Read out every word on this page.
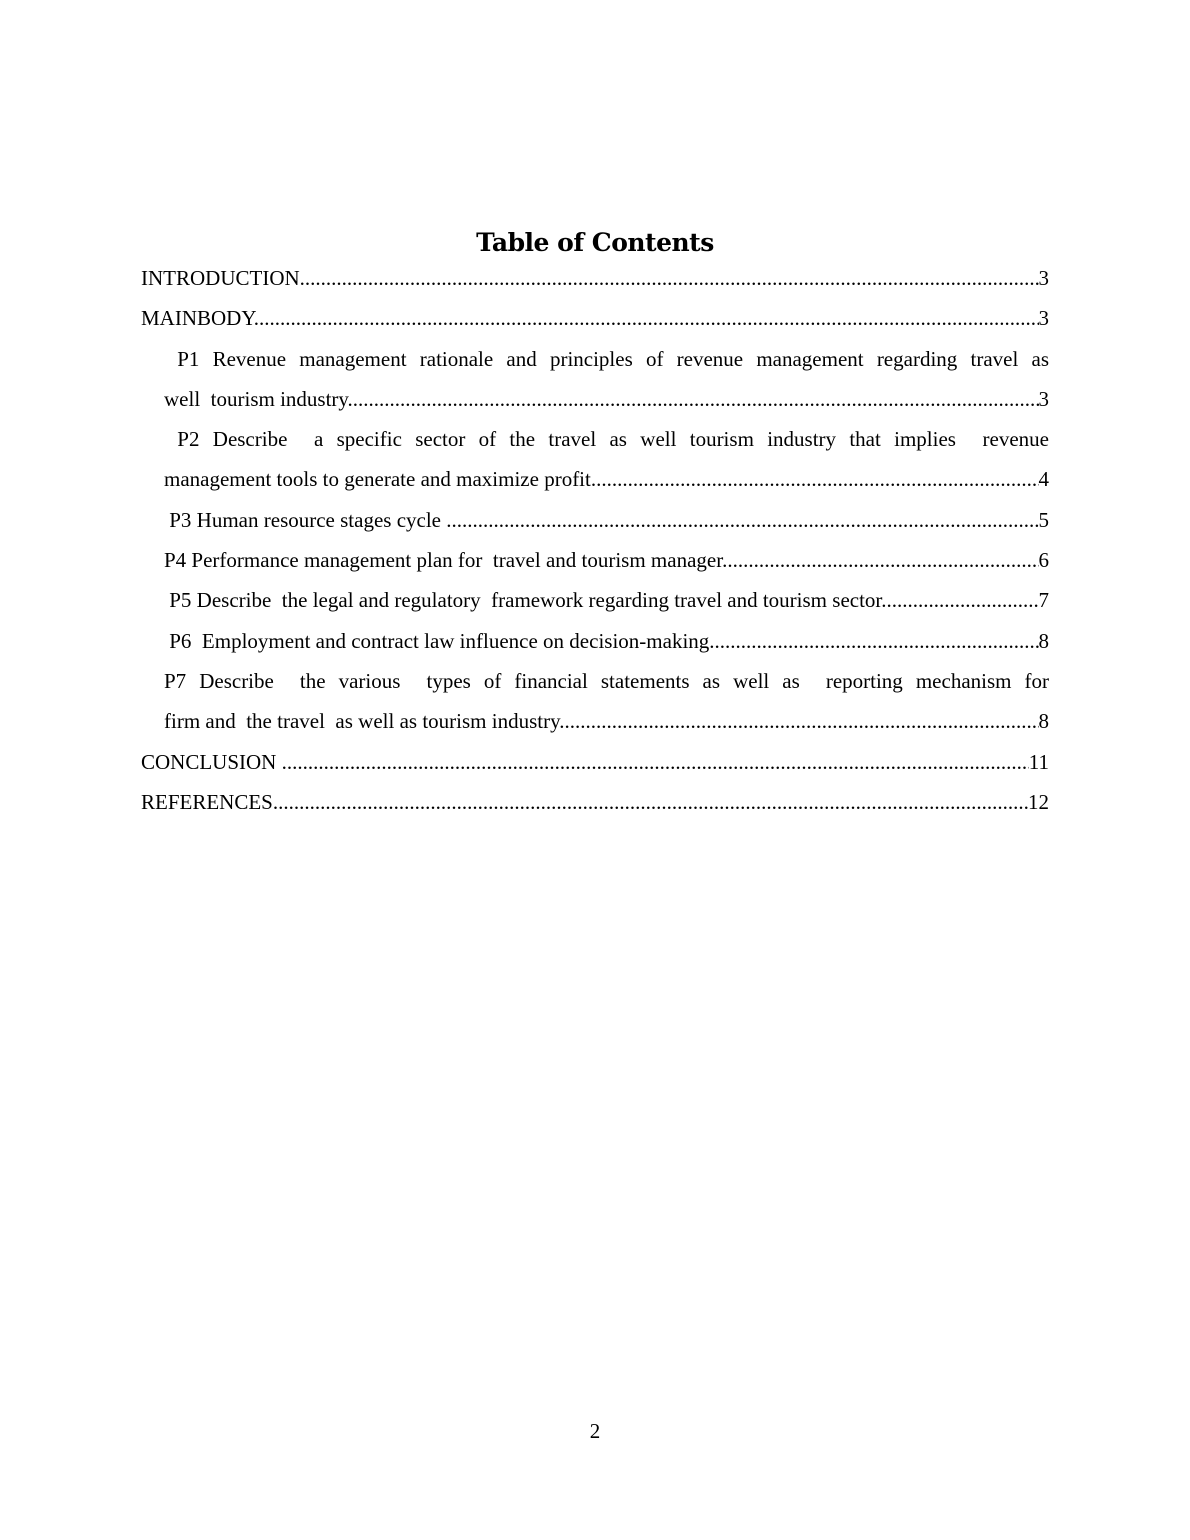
Table of Contents
INTRODUCTION .....	3
MAINBODY .....	3
P1 Revenue management rationale and principles of revenue management regarding travel as
well  tourism industry .....	3
P2 Describe  a specific sector of the travel as well tourism industry that implies  revenue
management tools to generate and maximize profit .....	4
P3 Human resource stages cycle .....	5
P4 Performance management plan for  travel and tourism manager .....	6
P5 Describe  the legal and regulatory  framework regarding travel and tourism sector .....	7
P6  Employment and contract law influence on decision-making .....	8
P7 Describe  the various  types of financial statements as well as  reporting mechanism for
firm and  the travel  as well as tourism industry .....	8
CONCLUSION .....	11
REFERENCES .....	12
2
